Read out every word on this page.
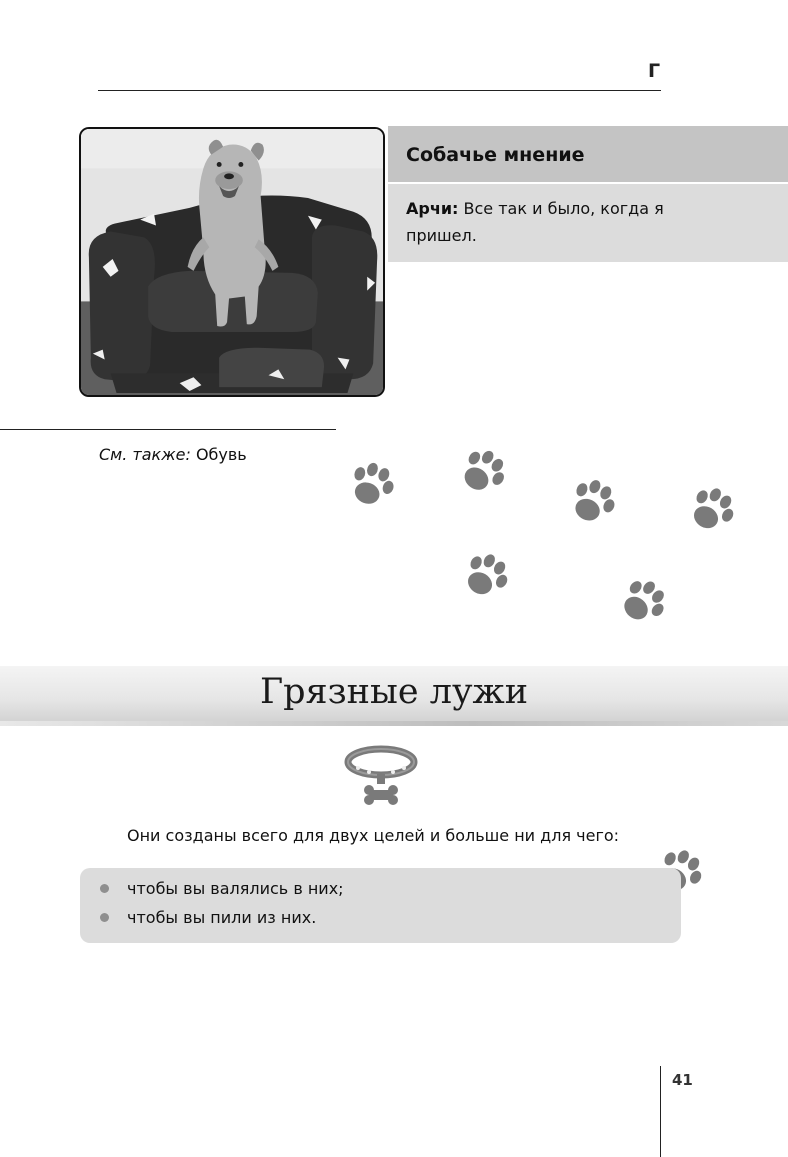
Г
Собачье мнение
Арчи: Все так и было, когда я пришел.
См. также: Обувь
Грязные лужи
Они созданы всего для двух целей и больше ни для чего:
чтобы вы валялись в них;
чтобы вы пили из них.
41
